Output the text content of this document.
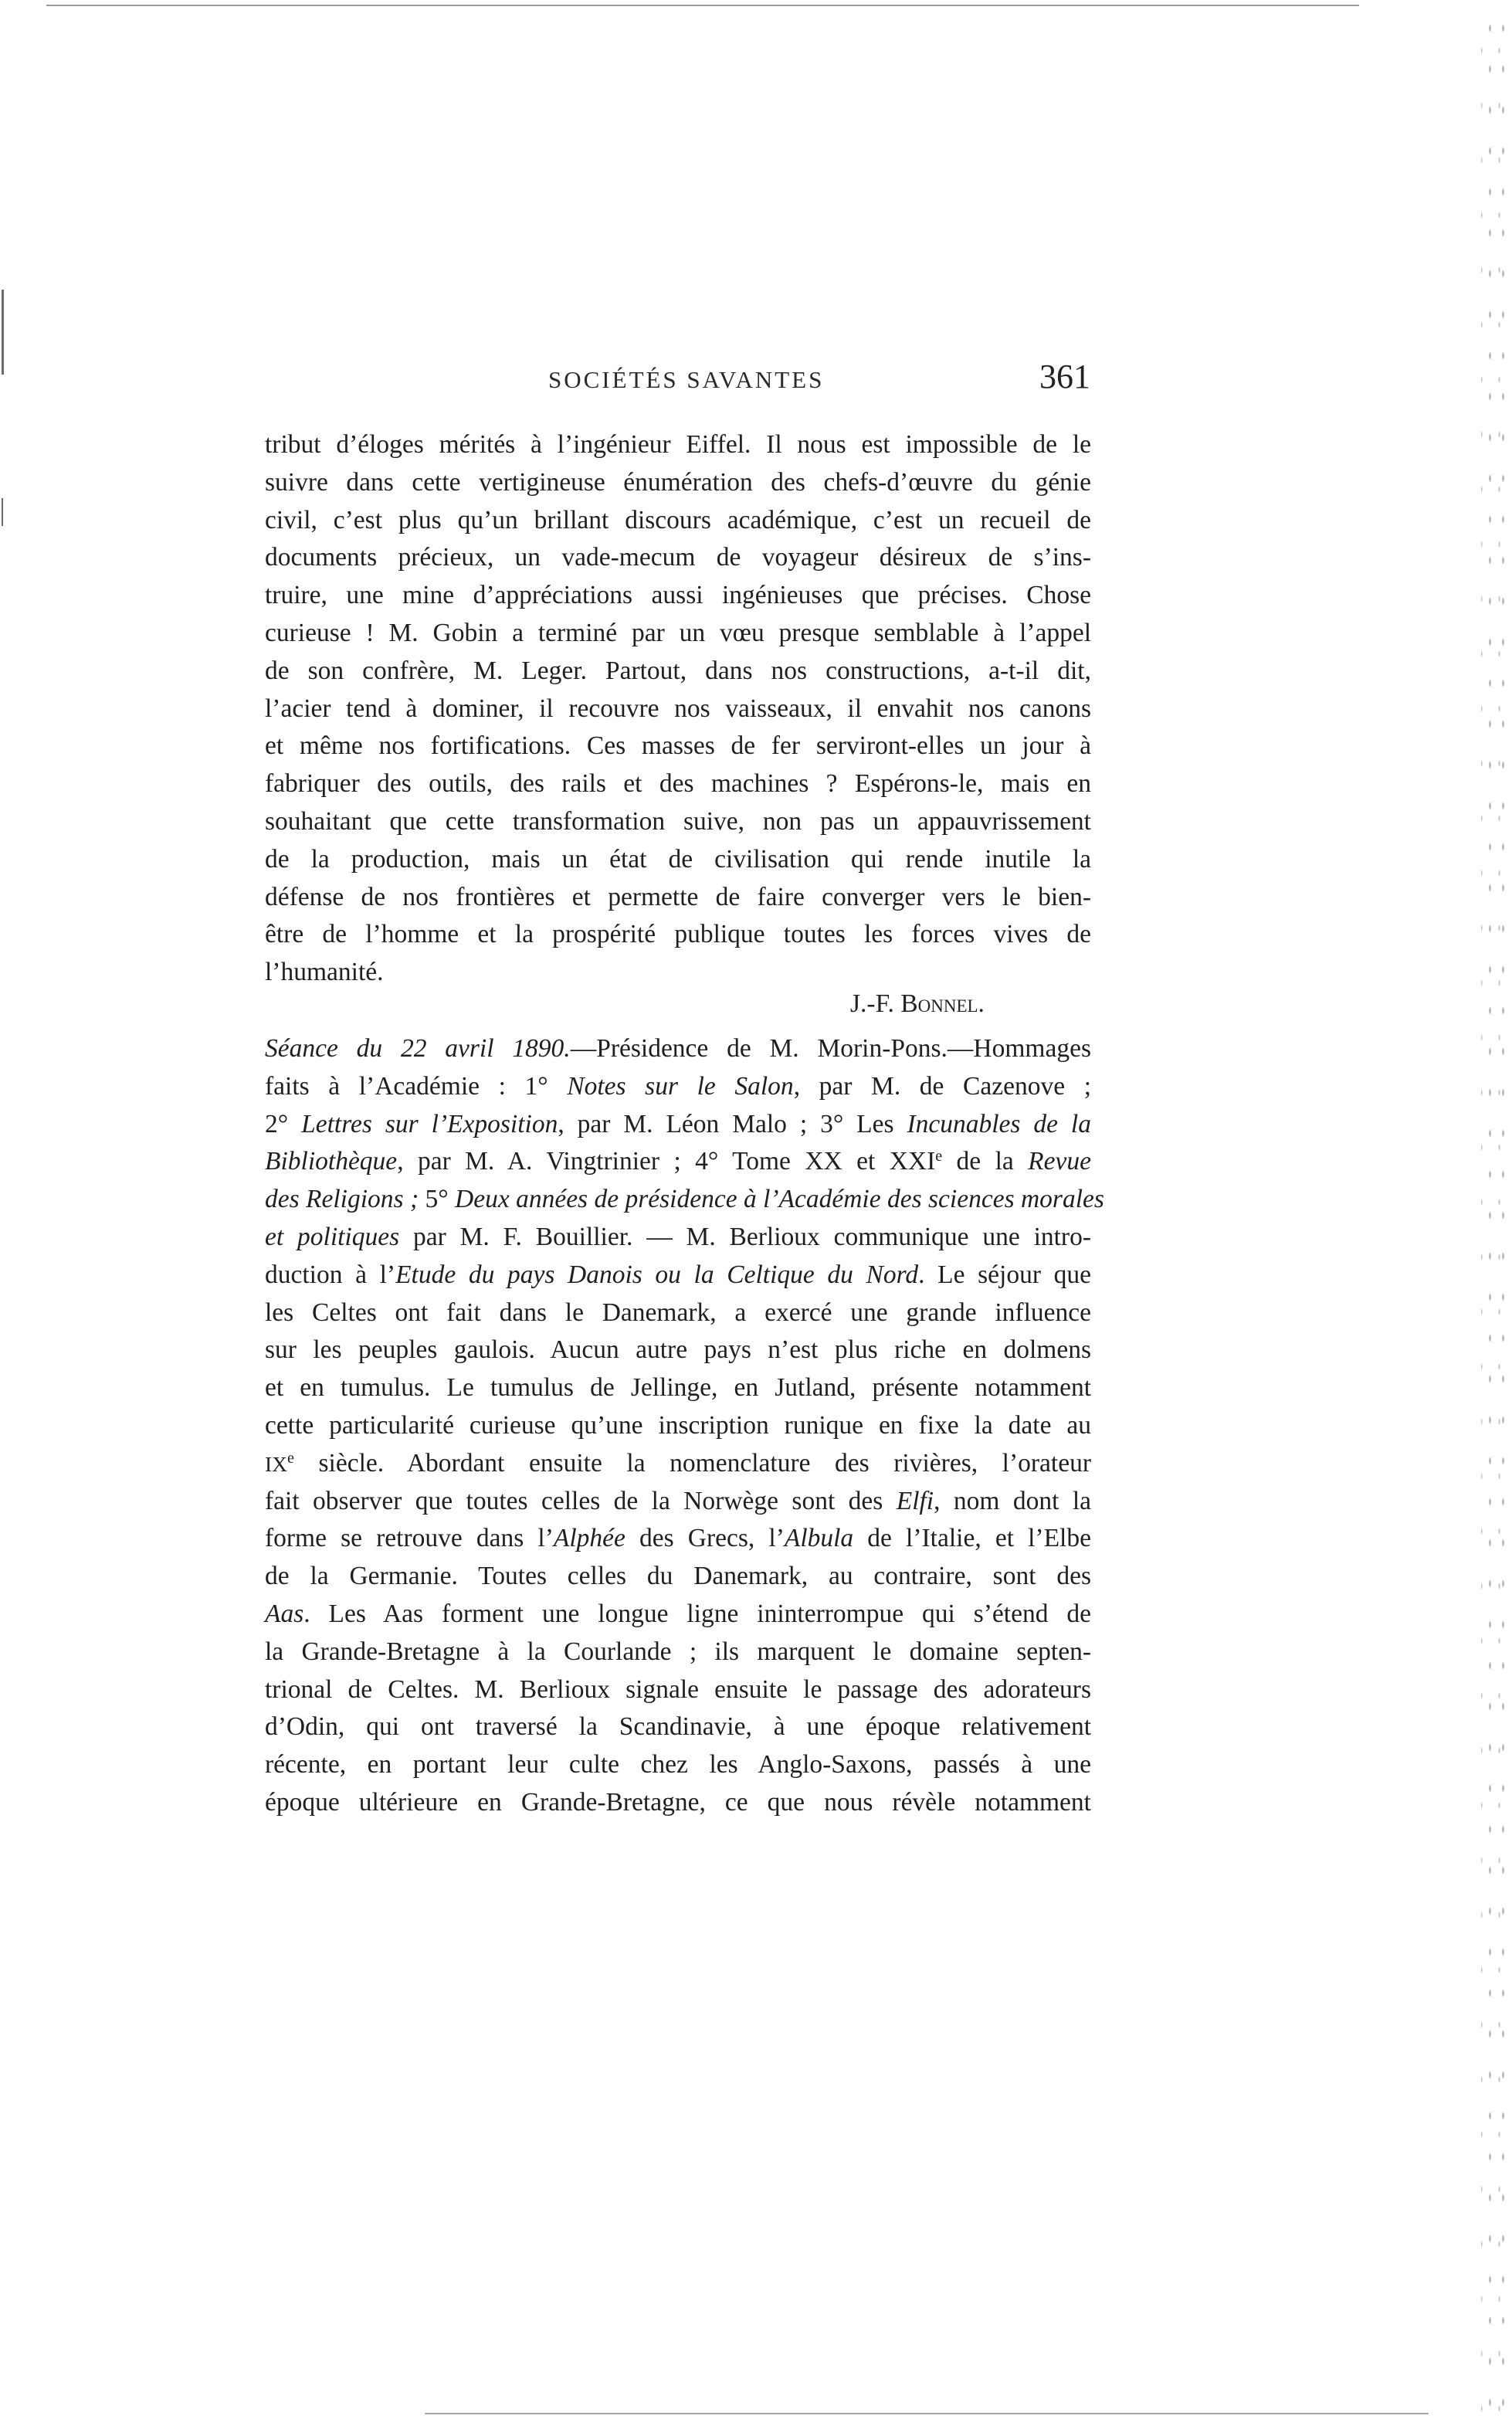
SOCIÉTÉS SAVANTES	361
tribut d’éloges mérités à l’ingénieur Eiffel. Il nous est impossible de le
suivre dans cette vertigineuse énumération des chefs-d’œuvre du génie
civil, c’est plus qu’un brillant discours académique, c’est un recueil de
documents précieux, un vade-mecum de voyageur désireux de s’ins-
truire, une mine d’appréciations aussi ingénieuses que précises. Chose
curieuse ! M. Gobin a terminé par un vœu presque semblable à l’appel
de son confrère, M. Leger. Partout, dans nos constructions, a-t-il dit,
l’acier tend à dominer, il recouvre nos vaisseaux, il envahit nos canons
et même nos fortifications. Ces masses de fer serviront-elles un jour à
fabriquer des outils, des rails et des machines ? Espérons-le, mais en
souhaitant que cette transformation suive, non pas un appauvrissement
de la production, mais un état de civilisation qui rende inutile la
défense de nos frontières et permette de faire converger vers le bien-
être de l’homme et la prospérité publique toutes les forces vives de
l’humanité.
J.-F. Bonnel.
Séance du 22 avril 1890.—Présidence de M. Morin-Pons.—Hommages
faits à l’Académie : 1° Notes sur le Salon, par M. de Cazenove ;
2° Lettres sur l’Exposition, par M. Léon Malo ; 3° Les Incunables de la
Bibliothèque, par M. A. Vingtrinier ; 4° Tome XX et XXIe de la Revue
des Religions ; 5° Deux années de présidence à l’Académie des sciences morales
et politiques par M. F. Bouillier. — M. Berlioux communique une intro-
duction à l’Etude du pays Danois ou la Celtique du Nord. Le séjour que
les Celtes ont fait dans le Danemark, a exercé une grande influence
sur les peuples gaulois. Aucun autre pays n’est plus riche en dolmens
et en tumulus. Le tumulus de Jellinge, en Jutland, présente notamment
cette particularité curieuse qu’une inscription runique en fixe la date au
IXe siècle. Abordant ensuite la nomenclature des rivières, l’orateur
fait observer que toutes celles de la Norwège sont des Elfi, nom dont la
forme se retrouve dans l’Alphée des Grecs, l’Albula de l’Italie, et l’Elbe
de la Germanie. Toutes celles du Danemark, au contraire, sont des
Aas. Les Aas forment une longue ligne ininterrompue qui s’étend de
la Grande-Bretagne à la Courlande ; ils marquent le domaine septen-
trional de Celtes. M. Berlioux signale ensuite le passage des adorateurs
d’Odin, qui ont traversé la Scandinavie, à une époque relativement
récente, en portant leur culte chez les Anglo-Saxons, passés à une
époque ultérieure en Grande-Bretagne, ce que nous révèle notamment
